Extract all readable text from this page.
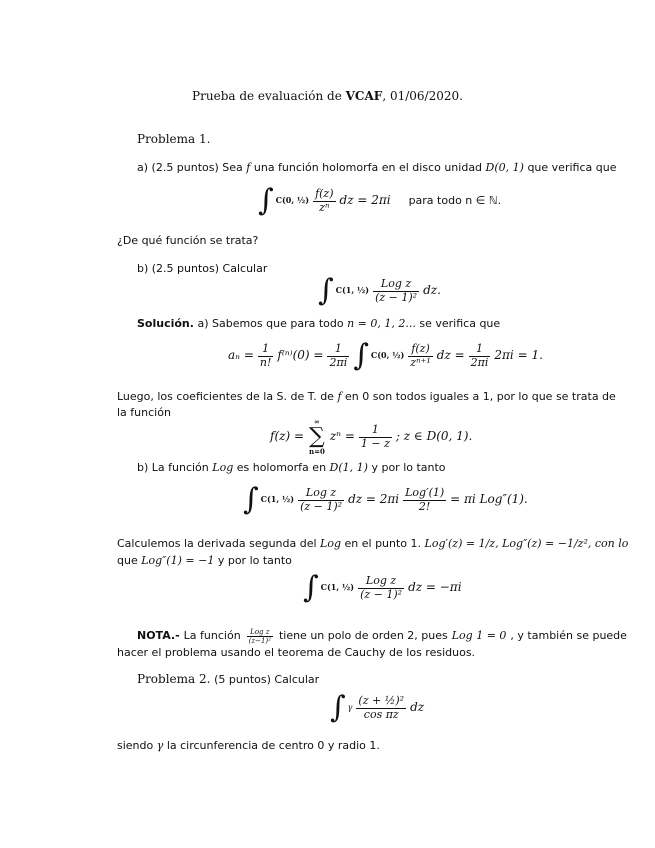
Prueba de evaluación de VCAF, 01/06/2020.
Problema 1.
a) (2.5 puntos) Sea f una función holomorfa en el disco unidad D(0, 1) que verifica que
∫ C(0, ½) $\frac{f(z)}{\text{zⁿ}}$ dz = 2πi para todo n ∈ ℕ.
¿De qué función se trata?
b) (2.5 puntos) Calcular
∫ C(1, ½) $\frac{\text{Log z}}{\text{(z − 1)²}}$ dz.
Solución. a) Sabemos que para todo n = 0, 1, 2... se verifica que
$a_n = \frac{1}{n!} f^{(n)}(0) = \frac{1}{2\pi i}$ ∫ C(0, ½) $\frac{f(z)}{\text{zⁿ⁺¹}}$ dz = $\frac{1}{2\pi i} 2\pi i = 1$.
Luego, los coeficientes de la S. de T. de f en 0 son todos iguales a 1, por lo que se trata de
la función
f(z) =
∞
∑
n=0
$z^n = \frac{1}{1 - z}$ ; z ∈ D(0, 1).
b) La función Log es holomorfa en D(1, 1) y por lo tanto
∫ C(1, ½) $\frac{\text{Log z}}{\text{(z − 1)²}}$ dz = $2\pi i \frac{\text{Log′(1)}}{2!} = \pi i$ Log″(1).
Calculemos la derivada segunda del Log en el punto 1. Log′(z) = 1/z, Log″(z) = −1/z², con lo
que Log″(1) = −1 y por lo tanto
∫ C(1, ½) $\frac{\text{Log z}}{\text{(z − 1)²}}$ dz = −πi
NOTA.- La función $\frac{\text{Log z}}{\text{(z−1)²}}$ tiene un polo de orden 2, pues Log 1 = 0 , y también se puede
hacer el problema usando el teorema de Cauchy de los residuos.
Problema 2. (5 puntos) Calcular
∫ γ $\frac{\text{(z + ½)²}}{\text{cos πz}}$ dz
siendo γ la circunferencia de centro 0 y radio 1.
